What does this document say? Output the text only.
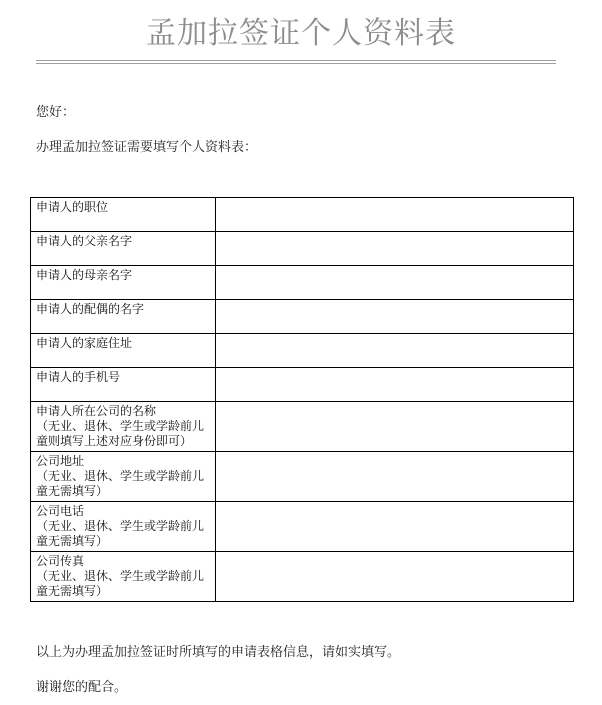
孟加拉签证个人资料表
您好：
办理孟加拉签证需要填写个人资料表：
申请人的职位	

申请人的父亲名字	

申请人的母亲名字	

申请人的配偶的名字	

申请人的家庭住址	

申请人的手机号	

申请人所在公司的名称
（无业、退休、学生或学龄前儿
童则填写上述对应身份即可）	

公司地址
（无业、退休、学生或学龄前儿
童无需填写）	

公司电话
（无业、退休、学生或学龄前儿
童无需填写）	

公司传真
（无业、退休、学生或学龄前儿
童无需填写）	

以上为办理孟加拉签证时所填写的申请表格信息，请如实填写。
谢谢您的配合。
